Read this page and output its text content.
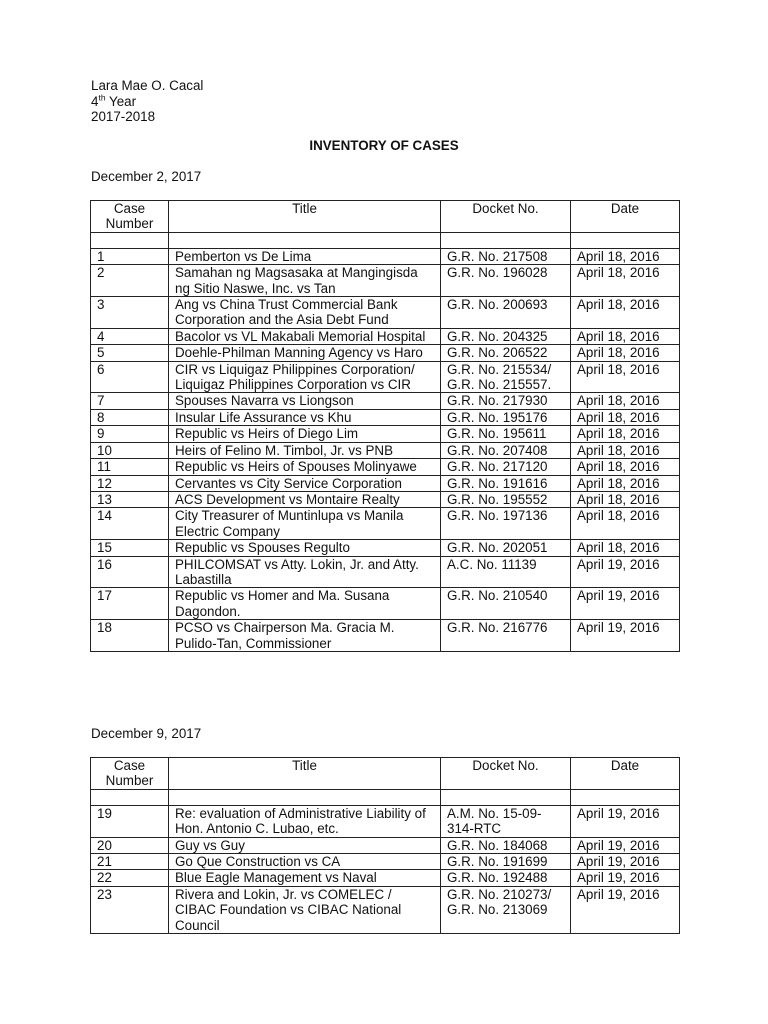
Lara Mae O. Cacal
4th Year
2017-2018
INVENTORY OF CASES
December 2, 2017
Case
Number	Title	Docket No.	Date

1	Pemberton vs De Lima	G.R. No. 217508	April 18, 2016
2	Samahan ng Magsasaka at Mangingisda ng Sitio Naswe, Inc. vs Tan	G.R. No. 196028	April 18, 2016
3	Ang vs China Trust Commercial Bank Corporation and the Asia Debt Fund	G.R. No. 200693	April 18, 2016
4	Bacolor vs VL Makabali Memorial Hospital	G.R. No. 204325	April 18, 2016
5	Doehle-Philman Manning Agency vs Haro	G.R. No. 206522	April 18, 2016
6	CIR vs Liquigaz Philippines Corporation/ Liquigaz Philippines Corporation vs CIR	G.R. No. 215534/ G.R. No. 215557.	April 18, 2016
7	Spouses Navarra vs Liongson	G.R. No. 217930	April 18, 2016
8	Insular Life Assurance vs Khu	G.R. No. 195176	April 18, 2016
9	Republic vs Heirs of Diego Lim	G.R. No. 195611	April 18, 2016
10	Heirs of Felino M. Timbol, Jr. vs PNB	G.R. No. 207408	April 18, 2016
11	Republic vs Heirs of Spouses Molinyawe	G.R. No. 217120	April 18, 2016
12	Cervantes vs City Service Corporation	G.R. No. 191616	April 18, 2016
13	ACS Development vs Montaire Realty	G.R. No. 195552	April 18, 2016
14	City Treasurer of Muntinlupa vs Manila Electric Company	G.R. No. 197136	April 18, 2016
15	Republic vs Spouses Regulto	G.R. No. 202051	April 18, 2016
16	PHILCOMSAT vs Atty. Lokin, Jr. and Atty. Labastilla	A.C. No. 11139	April 19, 2016
17	Republic vs Homer and Ma. Susana Dagondon.	G.R. No. 210540	April 19, 2016
18	PCSO vs Chairperson Ma. Gracia M. Pulido-Tan, Commissioner	G.R. No. 216776	April 19, 2016
December 9, 2017
Case
Number	Title	Docket No.	Date

19	Re: evaluation of Administrative Liability of Hon. Antonio C. Lubao, etc.	A.M. No. 15-09-314-RTC	April 19, 2016
20	Guy vs Guy	G.R. No. 184068	April 19, 2016
21	Go Que Construction vs CA	G.R. No. 191699	April 19, 2016
22	Blue Eagle Management vs Naval	G.R. No. 192488	April 19, 2016
23	Rivera and Lokin, Jr. vs COMELEC / CIBAC Foundation vs CIBAC National Council	G.R. No. 210273/ G.R. No. 213069	April 19, 2016
